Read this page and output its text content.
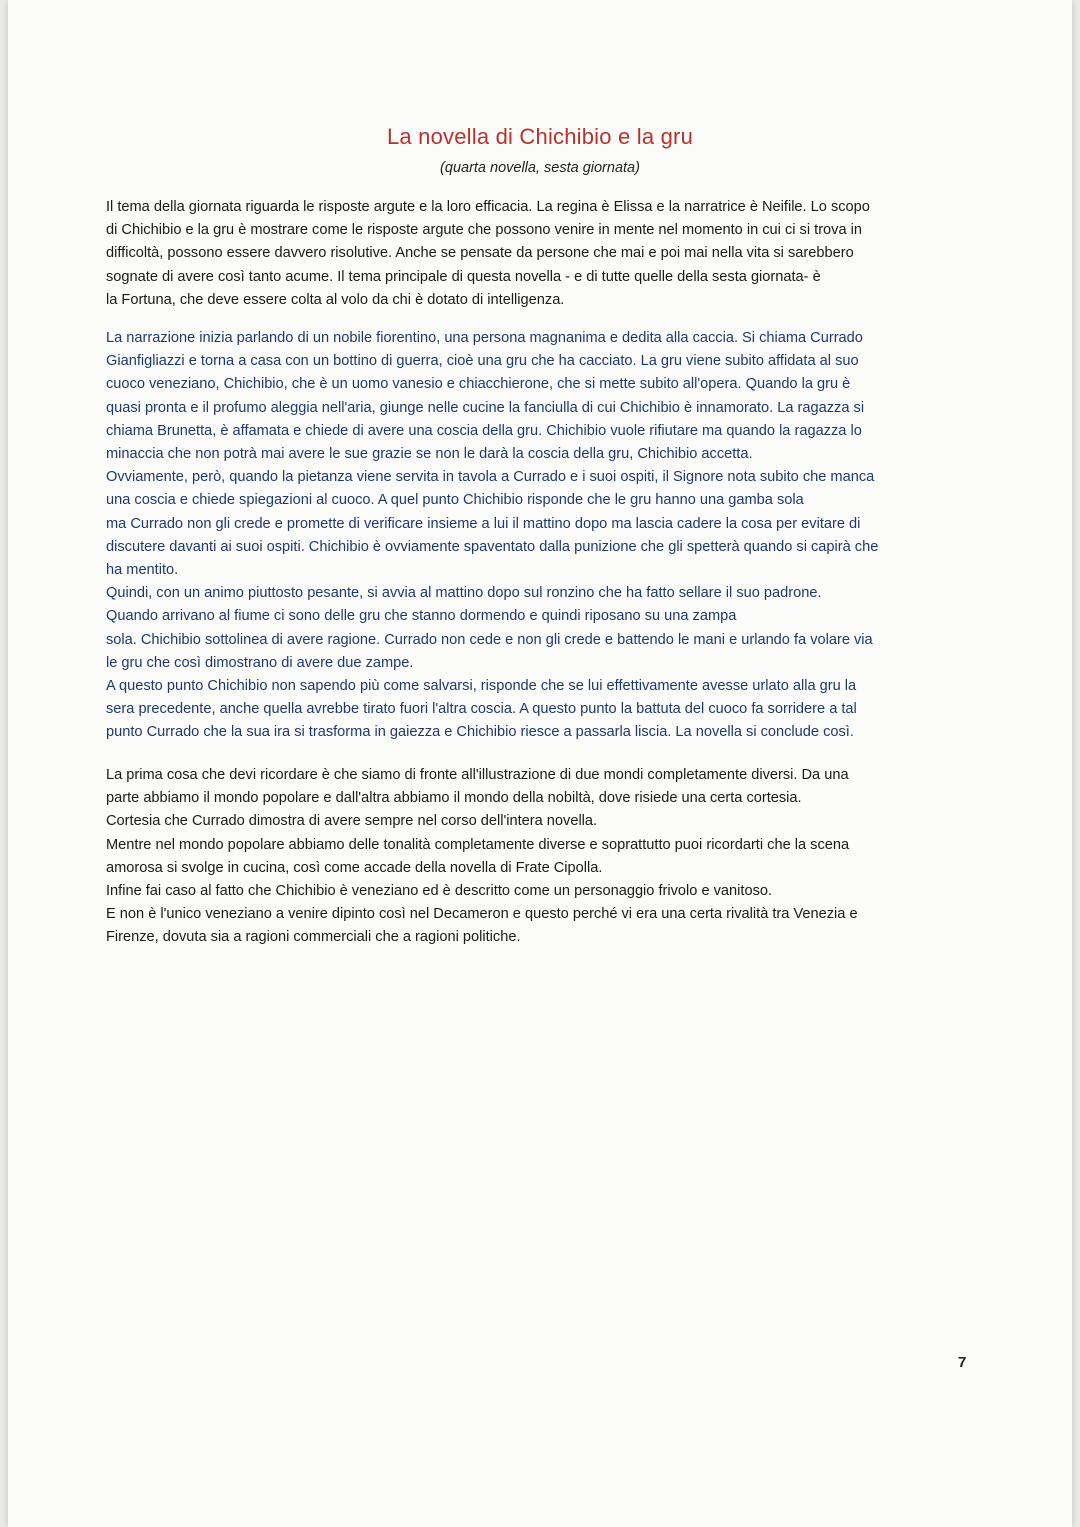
La novella di Chichibio e la gru
(quarta novella, sesta giornata)
Il tema della giornata riguarda le risposte argute e la loro efficacia. La regina è Elissa e la narratrice è Neifile. Lo scopo
di Chichibio e la gru è mostrare come le risposte argute che possono venire in mente nel momento in cui ci si trova in
difficoltà, possono essere davvero risolutive. Anche se pensate da persone che mai e poi mai nella vita si sarebbero
sognate di avere così tanto acume. Il tema principale di questa novella - e di tutte quelle della sesta giornata- è
la Fortuna, che deve essere colta al volo da chi è dotato di intelligenza.
La narrazione inizia parlando di un nobile fiorentino, una persona magnanima e dedita alla caccia. Si chiama Currado
Gianfigliazzi e torna a casa con un bottino di guerra, cioè una gru che ha cacciato. La gru viene subito affidata al suo
cuoco veneziano, Chichibio, che è un uomo vanesio e chiacchierone, che si mette subito all'opera. Quando la gru è
quasi pronta e il profumo aleggia nell'aria, giunge nelle cucine la fanciulla di cui Chichibio è innamorato. La ragazza si
chiama Brunetta, è affamata e chiede di avere una coscia della gru. Chichibio vuole rifiutare ma quando la ragazza lo
minaccia che non potrà mai avere le sue grazie se non le darà la coscia della gru, Chichibio accetta.
Ovviamente, però, quando la pietanza viene servita in tavola a Currado e i suoi ospiti, il Signore nota subito che manca
una coscia e chiede spiegazioni al cuoco. A quel punto Chichibio risponde che le gru hanno una gamba sola
ma Currado non gli crede e promette di verificare insieme a lui il mattino dopo ma lascia cadere la cosa per evitare di
discutere davanti ai suoi ospiti. Chichibio è ovviamente spaventato dalla punizione che gli spetterà quando si capirà che
ha mentito.
Quindi, con un animo piuttosto pesante, si avvia al mattino dopo sul ronzino che ha fatto sellare il suo padrone.
Quando arrivano al fiume ci sono delle gru che stanno dormendo e quindi riposano su una zampa
sola. Chichibio sottolinea di avere ragione. Currado non cede e non gli crede e battendo le mani e urlando fa volare via
le gru che così dimostrano di avere due zampe.
A questo punto Chichibio non sapendo più come salvarsi, risponde che se lui effettivamente avesse urlato alla gru la
sera precedente, anche quella avrebbe tirato fuori l'altra coscia. A questo punto la battuta del cuoco fa sorridere a tal
punto Currado che la sua ira si trasforma in gaiezza e Chichibio riesce a passarla liscia. La novella si conclude così.
La prima cosa che devi ricordare è che siamo di fronte all'illustrazione di due mondi completamente diversi. Da una
parte abbiamo il mondo popolare e dall'altra abbiamo il mondo della nobiltà, dove risiede una certa cortesia.
Cortesia che Currado dimostra di avere sempre nel corso dell'intera novella.
Mentre nel mondo popolare abbiamo delle tonalità completamente diverse e soprattutto puoi ricordarti che la scena
amorosa si svolge in cucina, così come accade della novella di Frate Cipolla.
Infine fai caso al fatto che Chichibio è veneziano ed è descritto come un personaggio frivolo e vanitoso.
E non è l'unico veneziano a venire dipinto così nel Decameron e questo perché vi era una certa rivalità tra Venezia e
Firenze, dovuta sia a ragioni commerciali che a ragioni politiche.
7
